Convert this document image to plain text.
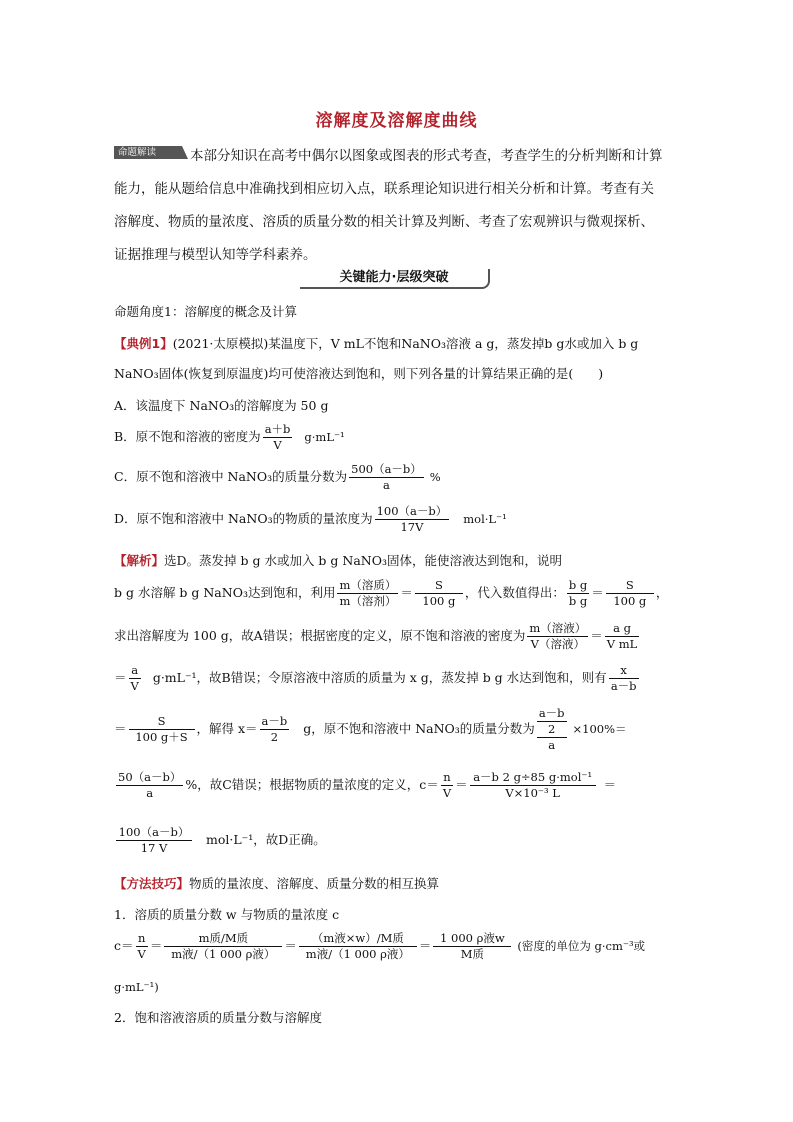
溶解度及溶解度曲线
命题解读	本部分知识在高考中偶尔以图象或图表的形式考查，考查学生的分析判断和计算
能力，能从题给信息中准确找到相应切入点，联系理论知识进行相关分析和计算。考查有关
溶解度、物质的量浓度、溶质的质量分数的相关计算及判断、考查了宏观辨识与微观探析、
证据推理与模型认知等学科素养。
关键能力·层级突破
命题角度1：溶解度的概念及计算
【典例1】(2021·太原模拟)某温度下，V mL不饱和NaNO₃溶液 a g，蒸发掉b g水或加入 b g
NaNO₃固体(恢复到原温度)均可使溶液达到饱和，则下列各量的计算结果正确的是(　　)
A．该温度下 NaNO₃的溶解度为 50 g
B．原不饱和溶液的密度为 $\frac{a+b}{V} g\cdot mL^{-1}$
C．原不饱和溶液中 NaNO₃的质量分数为 $\frac{500(a-b)}{a}$ %
D．原不饱和溶液中 NaNO₃的物质的量浓度为 $\frac{100(a-b)}{17V} mol\cdot L^{-1}$
【解析】选D。蒸发掉 b g 水或加入 b g NaNO₃固体，能使溶液达到饱和，说明
b g 水溶解 b g NaNO₃达到饱和，利用 $\frac{\text{m（溶质）}}{\text{m（溶剂）}} = \frac{S}{100 g}$ ，代入数值得出： $\frac{\text{b g}}{\text{b g}} = \frac{S}{100 g}$ ，
求出溶解度为 100 g，故A错误；根据密度的定义，原不饱和溶液的密度为 $\frac{\text{m（溶液）}}{\text{V（溶液）}} = \frac{\text{a g}}{\text{V mL}}$
＝ $\frac{a}{V} g\cdot mL^{-1}$，故B错误；令原溶液中溶质的质量为 x g，蒸发掉 b g 水达到饱和，则有 $\frac{x}{a-b}$
＝ $\frac{S}{100 g+S}$ ，解得 $x= \frac{a-b}{2}$ g，原不饱和溶液中 NaNO₃的质量分数为
a－b
2
a
×100%＝
$\frac{50(a-b)}{a}$ %，故C错误；根据物质的量浓度的定义，$c= \frac{n}{V} = \frac{\text{a－b 2 g÷85 g·mol⁻¹}}{\text{V×10⁻³ L}}$ ＝
$\frac{100(a-b)}{17 V} mol\cdot L^{-1}$，故D正确。
【方法技巧】物质的量浓度、溶解度、质量分数的相互换算
1．溶质的质量分数 w 与物质的量浓度 c
$c= \frac{n}{V} = \frac{\text{m质/M质}}{\text{m液/（1 000 ρ液）}} = \frac{\text{（m液×w）/M质}}{\text{m液/（1 000 ρ液）}} = \frac{\text{1 000 ρ液w}}{\text{M质}}$ (密度的单位为 g·cm⁻³或
g·mL⁻¹)
2．饱和溶液溶质的质量分数与溶解度
